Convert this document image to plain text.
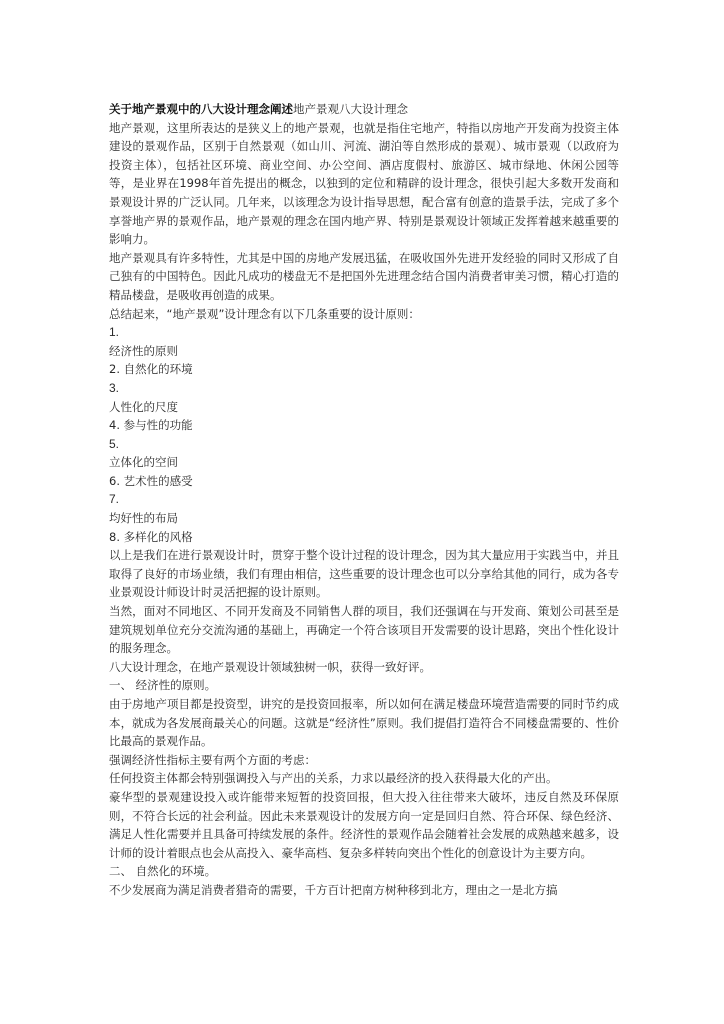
关于地产景观中的八大设计理念阐述地产景观八大设计理念

地产景观，这里所表达的是狭义上的地产景观，也就是指住宅地产，特指以房地产开发商为投资主体建设的景观作品，区别于自然景观（如山川、河流、湖泊等自然形成的景观）、城市景观（以政府为投资主体），包括社区环境、商业空间、办公空间、酒店度假村、旅游区、城市绿地、休闲公园等等，是业界在1998年首先提出的概念，以独到的定位和精辟的设计理念，很快引起大多数开发商和景观设计界的广泛认同。几年来，以该理念为设计指导思想，配合富有创意的造景手法，完成了多个享誉地产界的景观作品，地产景观的理念在国内地产界、特别是景观设计领域正发挥着越来越重要的影响力。

地产景观具有许多特性，尤其是中国的房地产发展迅猛，在吸收国外先进开发经验的同时又形成了自己独有的中国特色。因此凡成功的楼盘无不是把国外先进理念结合国内消费者审美习惯，精心打造的精品楼盘，是吸收再创造的成果。

总结起来，“地产景观”设计理念有以下几条重要的设计原则：

1.

经济性的原则

2. 自然化的环境

3.

人性化的尺度

4. 参与性的功能

5.

立体化的空间

6. 艺术性的感受

7.

均好性的布局

8. 多样化的风格

以上是我们在进行景观设计时，贯穿于整个设计过程的设计理念，因为其大量应用于实践当中，并且取得了良好的市场业绩，我们有理由相信，这些重要的设计理念也可以分享给其他的同行，成为各专业景观设计师设计时灵活把握的设计原则。

当然，面对不同地区、不同开发商及不同销售人群的项目，我们还强调在与开发商、策划公司甚至是建筑规划单位充分交流沟通的基础上，再确定一个符合该项目开发需要的设计思路，突出个性化设计的服务理念。

八大设计理念，在地产景观设计领域独树一帜，获得一致好评。

一、 经济性的原则。

由于房地产项目都是投资型，讲究的是投资回报率，所以如何在满足楼盘环境营造需要的同时节约成本，就成为各发展商最关心的问题。这就是“经济性”原则。我们提倡打造符合不同楼盘需要的、性价比最高的景观作品。

强调经济性指标主要有两个方面的考虑：

任何投资主体都会特别强调投入与产出的关系，力求以最经济的投入获得最大化的产出。

豪华型的景观建设投入或许能带来短暂的投资回报，但大投入往往带来大破坏，违反自然及环保原则，不符合长远的社会利益。因此未来景观设计的发展方向一定是回归自然、符合环保、绿色经济、满足人性化需要并且具备可持续发展的条件。经济性的景观作品会随着社会发展的成熟越来越多，设计师的设计着眼点也会从高投入、豪华高档、复杂多样转向突出个性化的创意设计为主要方向。

二、 自然化的环境。

不少发展商为满足消费者猎奇的需要，千方百计把南方树种移到北方，理由之一是北方搞
